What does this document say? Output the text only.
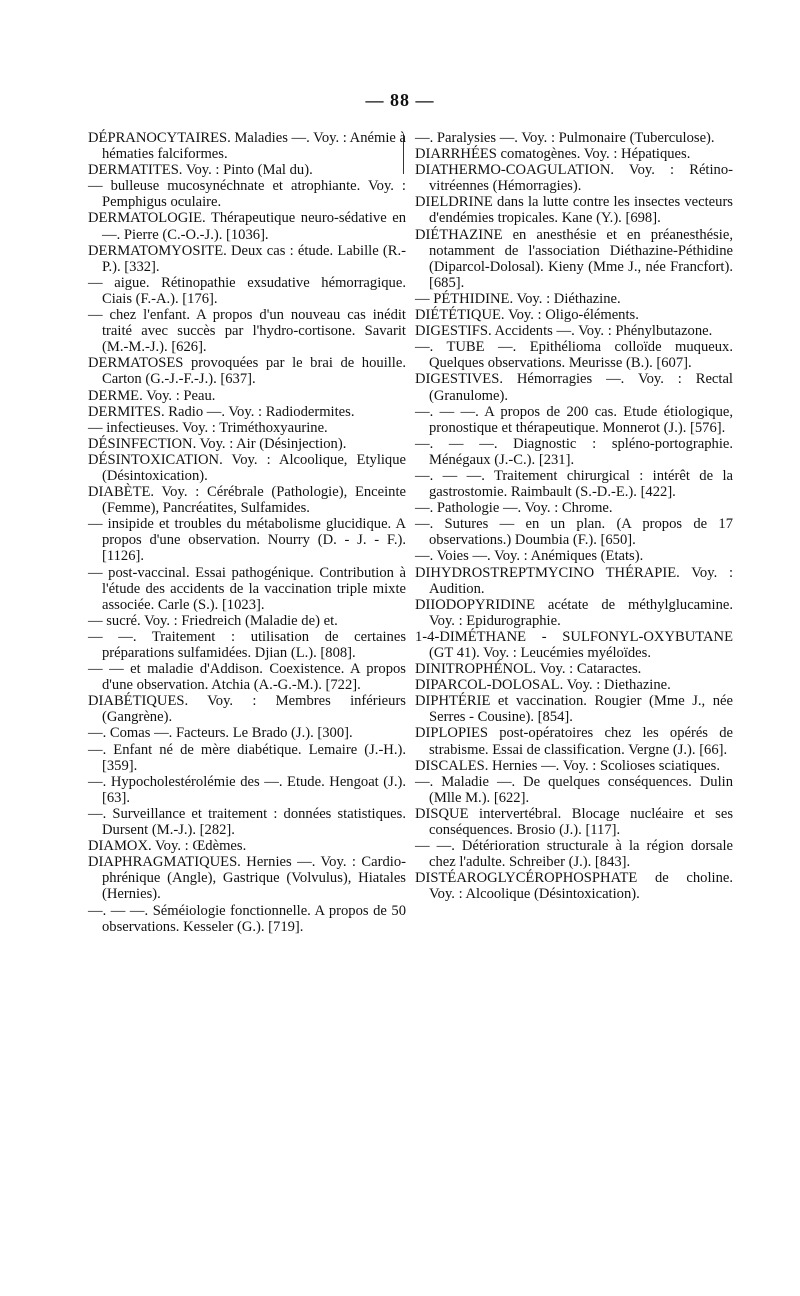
— 88 —

DÉPRANOCYTAIRES. Maladies —. Voy. : Anémie à hématies falciformes.

DERMATITES. Voy. : Pinto (Mal du).

— bulleuse mucosynéchnate et atrophiante. Voy. : Pemphigus oculaire.

DERMATOLOGIE. Thérapeutique neuro-sédative en —. Pierre (C.-O.-J.). [1036].

DERMATOMYOSITE. Deux cas : étude. Labille (R.-P.). [332].

— aigue. Rétinopathie exsudative hémorragique. Ciais (F.-A.). [176].

— chez l'enfant. A propos d'un nouveau cas inédit traité avec succès par l'hydro-cortisone. Savarit (M.-M.-J.). [626].

DERMATOSES provoquées par le brai de houille. Carton (G.-J.-F.-J.). [637].

DERME. Voy. : Peau.

DERMITES. Radio —. Voy. : Radiodermites.

— infectieuses. Voy. : Triméthoxyaurine.

DÉSINFECTION. Voy. : Air (Désinjection).

DÉSINTOXICATION. Voy. : Alcoolique, Etylique (Désintoxication).

DIABÈTE. Voy. : Cérébrale (Pathologie), Enceinte (Femme), Pancréatites, Sulfamides.

— insipide et troubles du métabolisme glucidique. A propos d'une observation. Nourry (D. - J. - F.). [1126].

— post-vaccinal. Essai pathogénique. Contribution à l'étude des accidents de la vaccination triple mixte associée. Carle (S.). [1023].

— sucré. Voy. : Friedreich (Maladie de) et.

— —. Traitement : utilisation de certaines préparations sulfamidées. Djian (L.). [808].

— — et maladie d'Addison. Coexistence. A propos d'une observation. Atchia (A.-G.-M.). [722].

DIABÉTIQUES. Voy. : Membres inférieurs (Gangrène).

—. Comas —. Facteurs. Le Brado (J.). [300].

—. Enfant né de mère diabétique. Lemaire (J.-H.). [359].

—. Hypocholestérolémie des —. Etude. Hengoat (J.). [63].

—. Surveillance et traitement : données statistiques. Dursent (M.-J.). [282].

DIAMOX. Voy. : Œdèmes.

DIAPHRAGMATIQUES. Hernies —. Voy. : Cardio-phrénique (Angle), Gastrique (Volvulus), Hiatales (Hernies).

—. — —. Séméiologie fonctionnelle. A propos de 50 observations. Kesseler (G.). [719].

—. Paralysies —. Voy. : Pulmonaire (Tuberculose).

DIARRHÉES comatogènes. Voy. : Hépatiques.

DIATHERMO-COAGULATION. Voy. : Rétino-vitréennes (Hémorragies).

DIELDRINE dans la lutte contre les insectes vecteurs d'endémies tropicales. Kane (Y.). [698].

DIÉTHAZINE en anesthésie et en préanesthésie, notamment de l'association Diéthazine-Péthidine (Diparcol-Dolosal). Kieny (Mme J., née Francfort). [685].

— PÉTHIDINE. Voy. : Diéthazine.

DIÉTÉTIQUE. Voy. : Oligo-éléments.

DIGESTIFS. Accidents —. Voy. : Phénylbutazone.

—. TUBE —. Epithélioma colloïde muqueux. Quelques observations. Meurisse (B.). [607].

DIGESTIVES. Hémorragies —. Voy. : Rectal (Granulome).

—. — —. A propos de 200 cas. Etude étiologique, pronostique et thérapeutique. Monnerot (J.). [576].

—. — —. Diagnostic : spléno-portographie. Ménégaux (J.-C.). [231].

—. — —. Traitement chirurgical : intérêt de la gastrostomie. Raimbault (S.-D.-E.). [422].

—. Pathologie —. Voy. : Chrome.

—. Sutures — en un plan. (A propos de 17 observations.) Doumbia (F.). [650].

—. Voies —. Voy. : Anémiques (Etats).

DIHYDROSTREPTMYCINO THÉRAPIE. Voy. : Audition.

DIIODOPYRIDINE acétate de méthylglucamine. Voy. : Epidurographie.

1-4-DIMÉTHANE - SULFONYL-OXYBUTANE (GT 41). Voy. : Leucémies myéloïdes.

DINITROPHÉNOL. Voy. : Cataractes.

DIPARCOL-DOLOSAL. Voy. : Diethazine.

DIPHTÉRIE et vaccination. Rougier (Mme J., née Serres - Cousine). [854].

DIPLOPIES post-opératoires chez les opérés de strabisme. Essai de classification. Vergne (J.). [66].

DISCALES. Hernies —. Voy. : Scolioses sciatiques.

—. Maladie —. De quelques conséquences. Dulin (Mlle M.). [622].

DISQUE intervertébral. Blocage nucléaire et ses conséquences. Brosio (J.). [117].

— —. Détérioration structurale à la région dorsale chez l'adulte. Schreiber (J.). [843].

DISTÉAROGLYCÉROPHOSPHATE de choline. Voy. : Alcoolique (Désintoxication).
